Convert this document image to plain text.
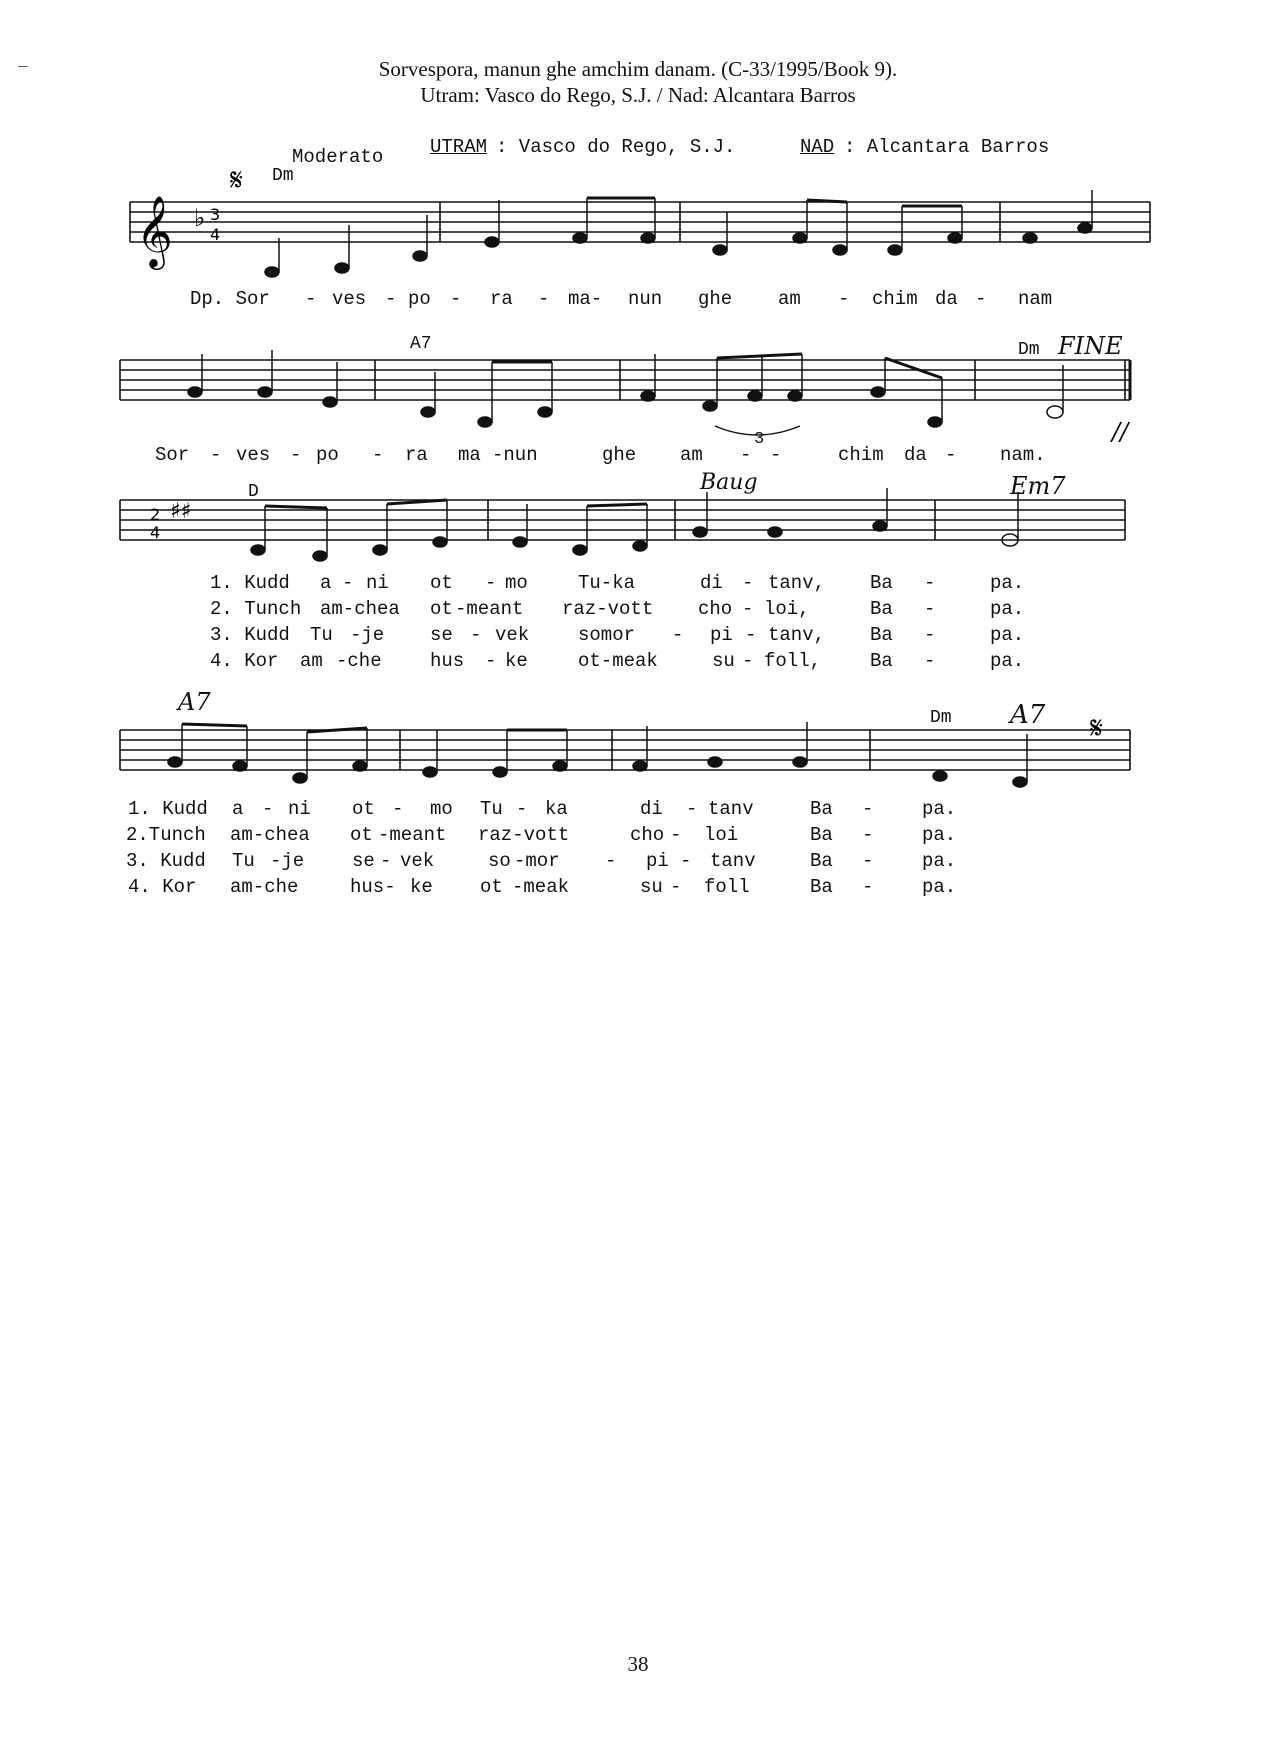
Sorvespora, manun ghe amchim danam. (C-33/1995/Book 9).
Utram: Vasco do Rego, S.J. / Nad: Alcantara Barros
Moderato UTRAM : Vasco do Rego, S.J.	NAD : Alcantara Barros
𝄞 ♭ 3
4
𝄋 Dm
Dp. Sor - ves - po - ra - ma- nun ghe am - chim da - nam
//
A7	Dm FINE
3
Sor - ves - po - ra ma -nun	ghe am - -	chim da - nam.
♯♯
2
4
D	Baug	Em7
1. Kudd a - ni ot - mo	Tu-ka	di - tanv, Ba -	pa.
2. Tunch am-chea ot -meant raz-vott cho - loi,	Ba -	pa.
3. Kudd Tu -je se - vek	somor - pi - tanv, Ba -	pa.
4. Kor am -che	hus - ke	ot-meak	su - foll,	Ba -	pa.
𝄋
A7
Dm A7
1. Kudd a - ni ot - mo Tu - ka	di - tanv	Ba -	pa.
2.Tunch am-chea ot -meant raz-vott	cho - loi	Ba -	pa.
3. Kudd Tu -je	se - vek	so -mor - pi - tanv	Ba -	pa.
4. Kor am-che	hus- ke ot -meak	su - foll	Ba -	pa.
38
